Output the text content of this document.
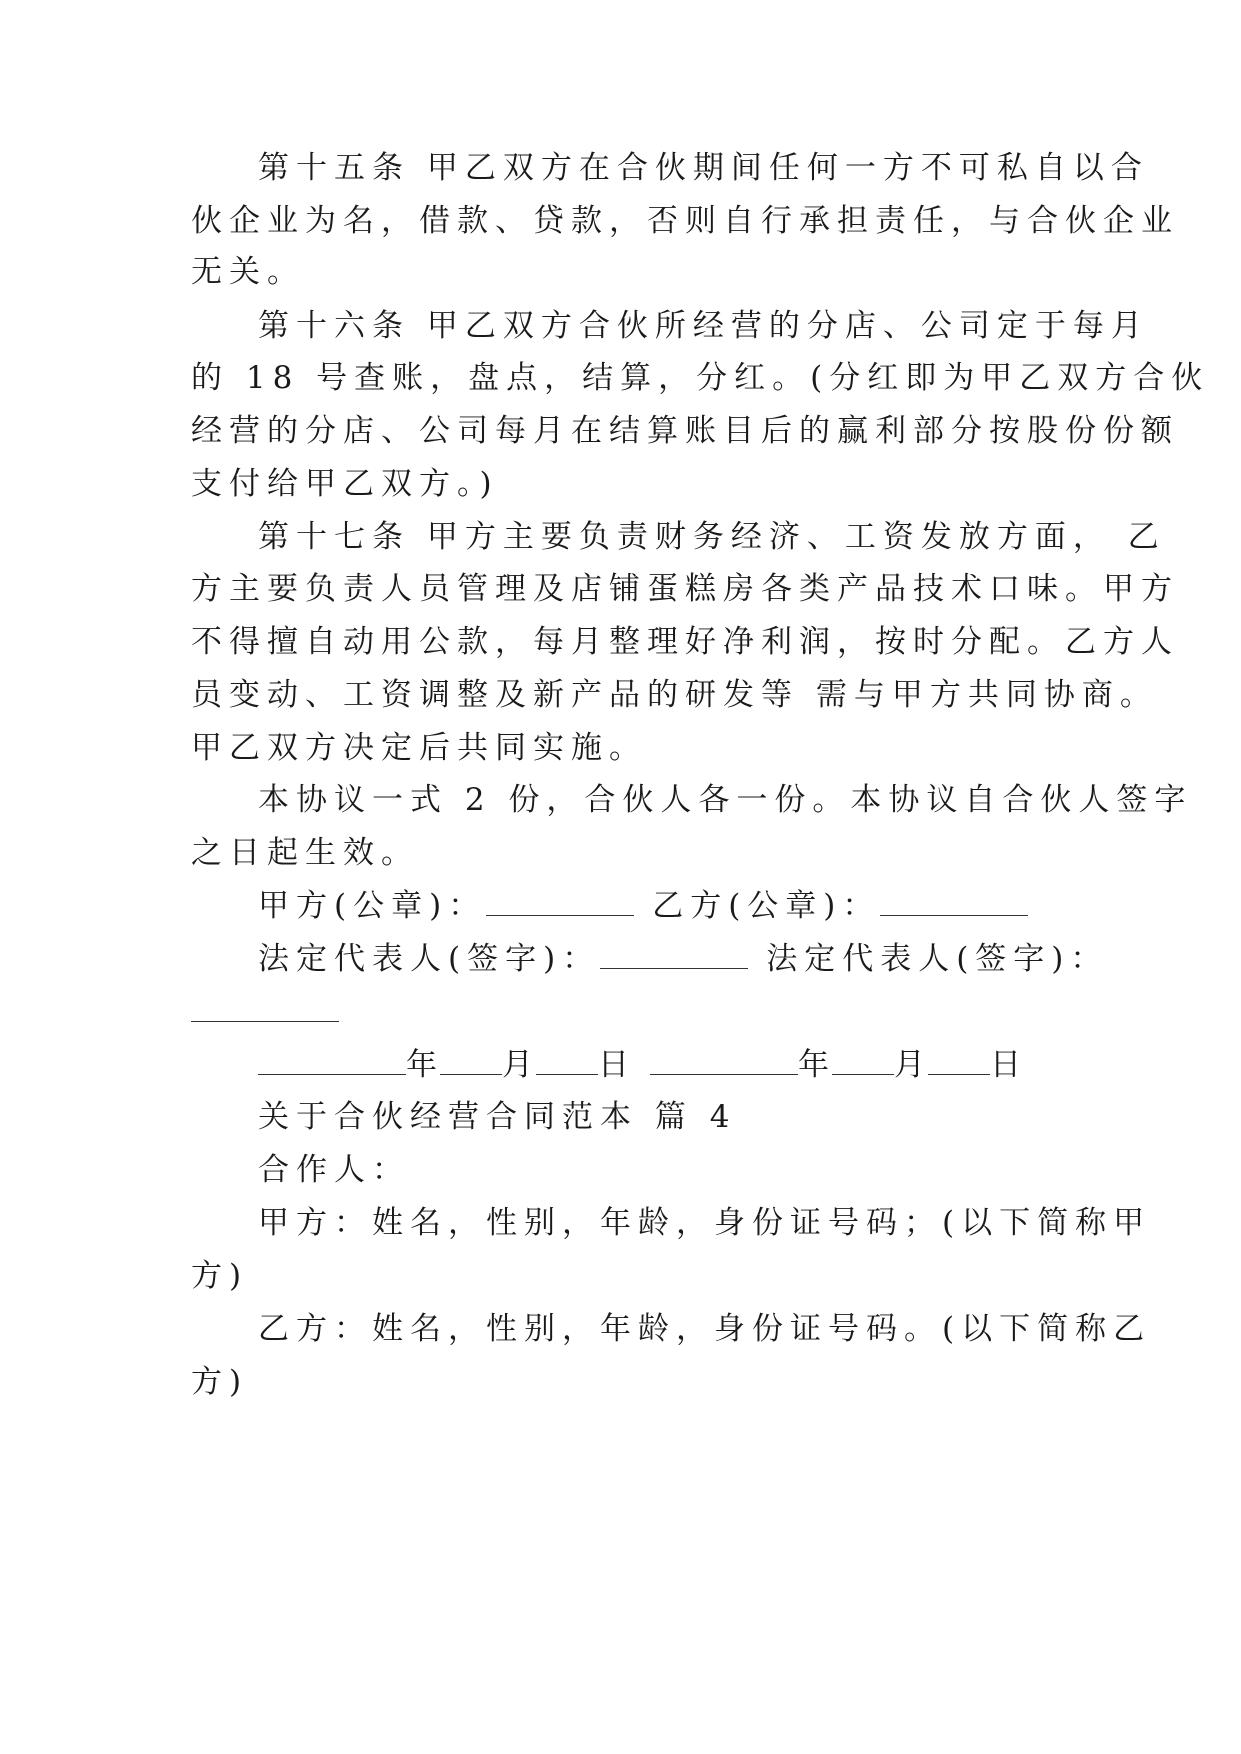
第十五条 甲乙双方在合伙期间任何一方不可私自以合
伙企业为名，借款、贷款，否则自行承担责任，与合伙企业
无关。
第十六条 甲乙双方合伙所经营的分店、公司定于每月
的 18 号查账，盘点，结算，分红。(分红即为甲乙双方合伙
经营的分店、公司每月在结算账目后的赢利部分按股份份额
支付给甲乙双方。)
第十七条 甲方主要负责财务经济、工资发放方面， 乙
方主要负责人员管理及店铺蛋糕房各类产品技术口味。甲方
不得擅自动用公款，每月整理好净利润，按时分配。乙方人
员变动、工资调整及新产品的研发等 需与甲方共同协商。
甲乙双方决定后共同实施。
本协议一式 2 份，合伙人各一份。本协议自合伙人签字
之日起生效。
甲方(公章)：	乙方(公章)：
法定代表人(签字)：	法定代表人(签字)：
年 月 日	年 月 日
关于合伙经营合同范本 篇 4
合作人：
甲方：姓名，性别，年龄，身份证号码；(以下简称甲
方)
乙方：姓名，性别，年龄，身份证号码。(以下简称乙
方)
